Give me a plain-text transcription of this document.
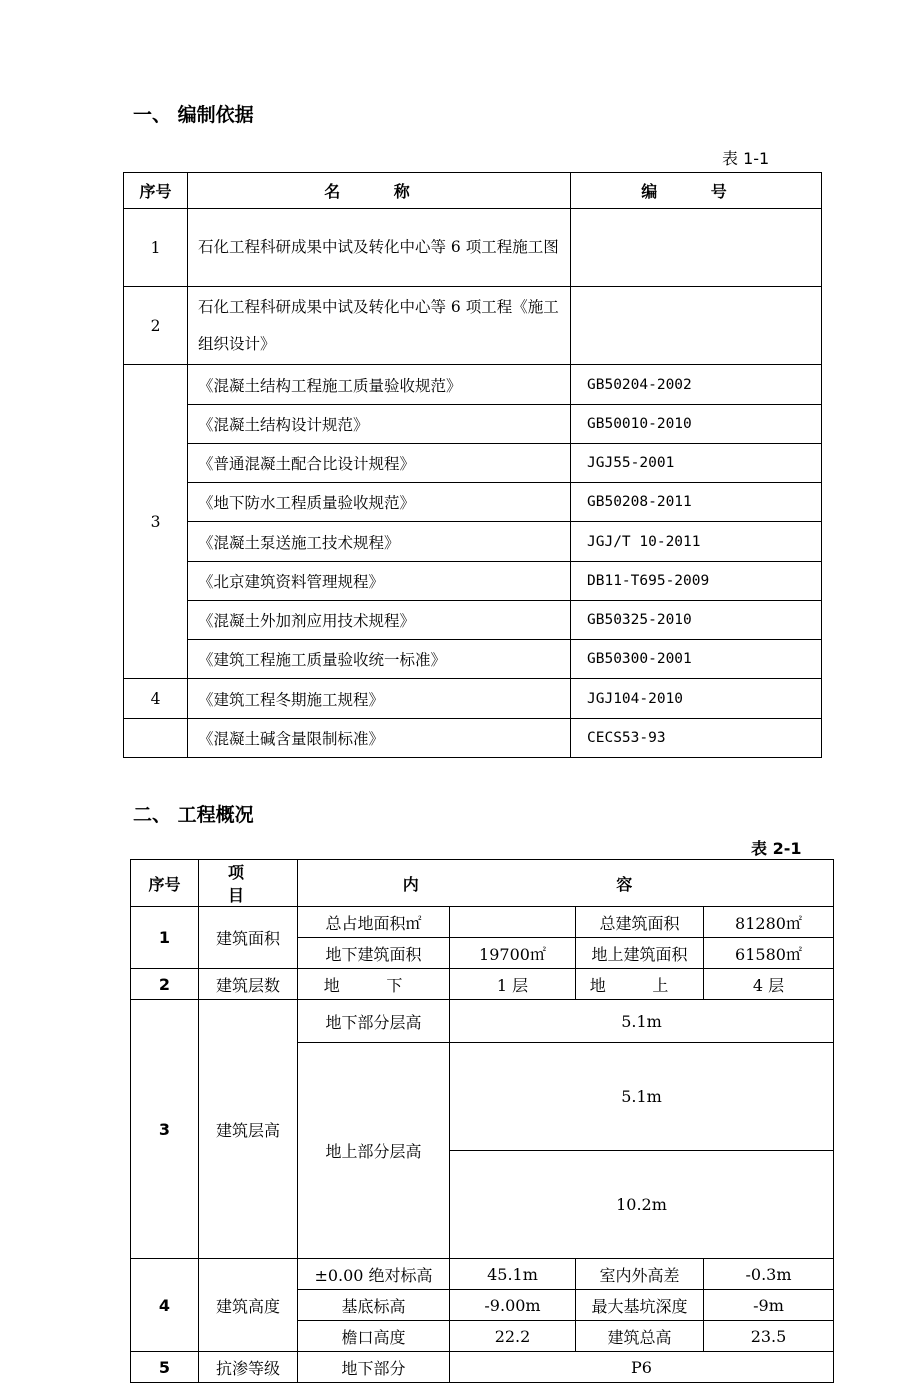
一、 编制依据
表 1-1
序号	名 称	编 号
1	石化工程科研成果中试及转化中心等 6 项工程施工图	
2	石化工程科研成果中试及转化中心等 6 项工程《施工组织设计》	
3	《混凝土结构工程施工质量验收规范》	GB50204-2002
	《混凝土结构设计规范》	GB50010-2010
	《普通混凝土配合比设计规程》	JGJ55-2001
	《地下防水工程质量验收规范》	GB50208-2011
	《混凝土泵送施工技术规程》	JGJ/T 10-2011
	《北京建筑资料管理规程》	DB11-T695-2009
	《混凝土外加剂应用技术规程》	GB50325-2010
	《建筑工程施工质量验收统一标准》	GB50300-2001
4	《建筑工程冬期施工规程》	JGJ104-2010
	《混凝土碱含量限制标准》	CECS53-93
二、 工程概况
表 2-1
序号	项 目	内 容				
1	建筑面积	总占地面积㎡		总建筑面积	81280㎡	
		地下建筑面积	19700㎡	地上建筑面积	61580㎡	
2	建筑层数	地 下	1 层	地 上	4 层	
3	建筑层高	地下部分层高	5.1m	
		地上部分层高	5.1m	
			10.2m	
4	建筑高度	±0.00 绝对标高	45.1m	室内外高差	-0.3m	
		基底标高	-9.00m	最大基坑深度	-9m	
		檐口高度	22.2	建筑总高	23.5	
5	抗渗等级	地下部分	P6			
